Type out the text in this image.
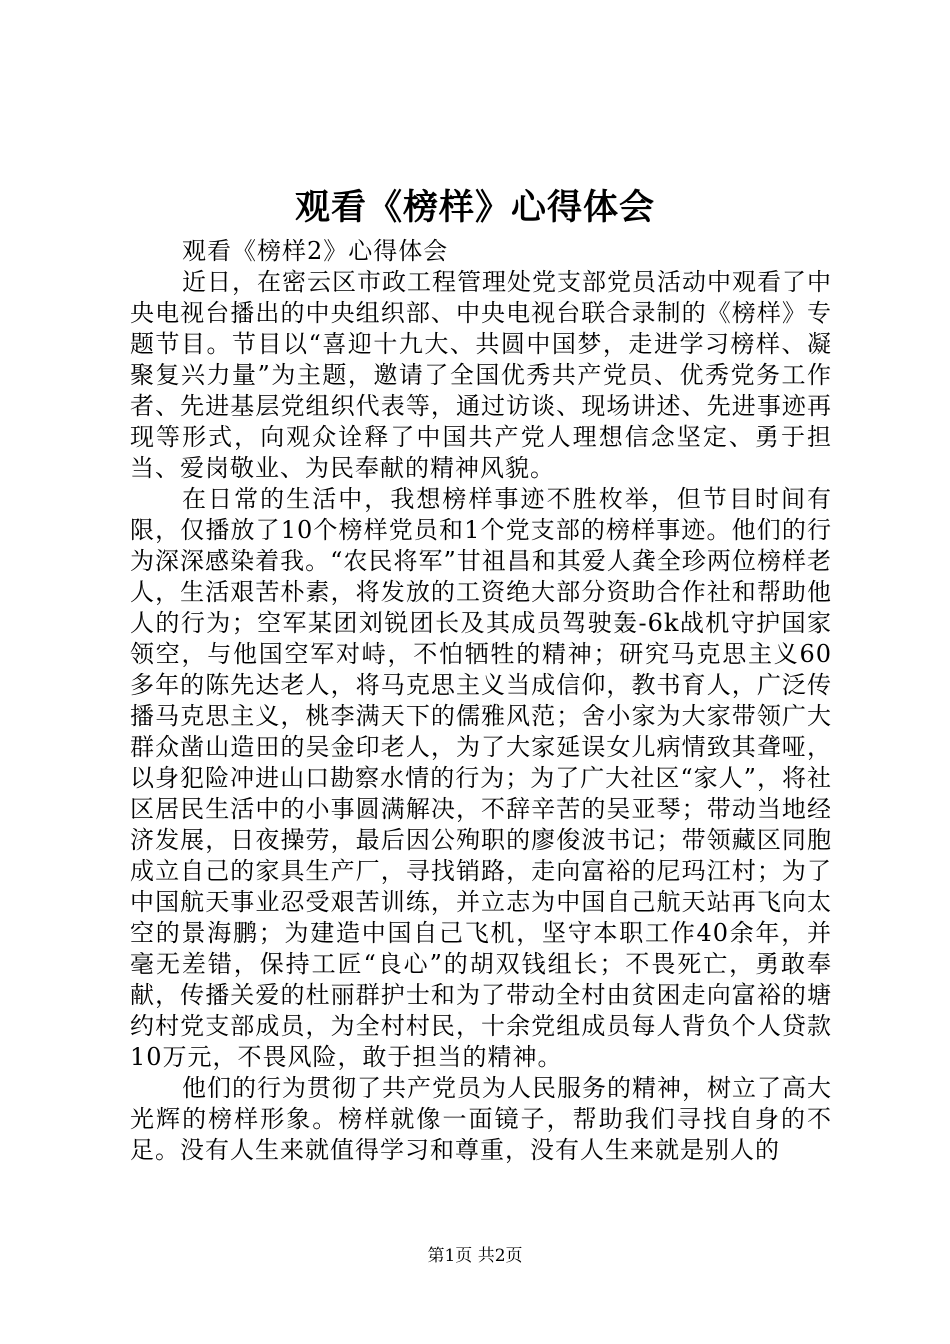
观看《榜样》心得体会

观看《榜样2》心得体会

近日，在密云区市政工程管理处党支部党员活动中观看了中央电视台播出的中央组织部、中央电视台联合录制的《榜样》专题节目。节目以“喜迎十九大、共圆中国梦，走进学习榜样、凝聚复兴力量”为主题，邀请了全国优秀共产党员、优秀党务工作者、先进基层党组织代表等，通过访谈、现场讲述、先进事迹再现等形式，向观众诠释了中国共产党人理想信念坚定、勇于担当、爱岗敬业、为民奉献的精神风貌。

在日常的生活中，我想榜样事迹不胜枚举，但节目时间有限，仅播放了10个榜样党员和1个党支部的榜样事迹。他们的行为深深感染着我。“农民将军”甘祖昌和其爱人龚全珍两位榜样老人，生活艰苦朴素，将发放的工资绝大部分资助合作社和帮助他人的行为；空军某团刘锐团长及其成员驾驶轰-6k战机守护国家领空，与他国空军对峙，不怕牺牲的精神；研究马克思主义60多年的陈先达老人，将马克思主义当成信仰，教书育人，广泛传播马克思主义，桃李满天下的儒雅风范；舍小家为大家带领广大群众凿山造田的吴金印老人，为了大家延误女儿病情致其聋哑，以身犯险冲进山口勘察水情的行为；为了广大社区“家人”，将社区居民生活中的小事圆满解决，不辞辛苦的吴亚琴；带动当地经济发展，日夜操劳，最后因公殉职的廖俊波书记；带领藏区同胞成立自己的家具生产厂，寻找销路，走向富裕的尼玛江村；为了中国航天事业忍受艰苦训练，并立志为中国自己航天站再飞向太空的景海鹏；为建造中国自己飞机，坚守本职工作40余年，并毫无差错，保持工匠“良心”的胡双钱组长；不畏死亡，勇敢奉献，传播关爱的杜丽群护士和为了带动全村由贫困走向富裕的塘约村党支部成员，为全村村民，十余党组成员每人背负个人贷款10万元，不畏风险，敢于担当的精神。

他们的行为贯彻了共产党员为人民服务的精神，树立了高大光辉的榜样形象。榜样就像一面镜子，帮助我们寻找自身的不足。没有人生来就值得学习和尊重，没有人生来就是别人的

第1页 共2页
